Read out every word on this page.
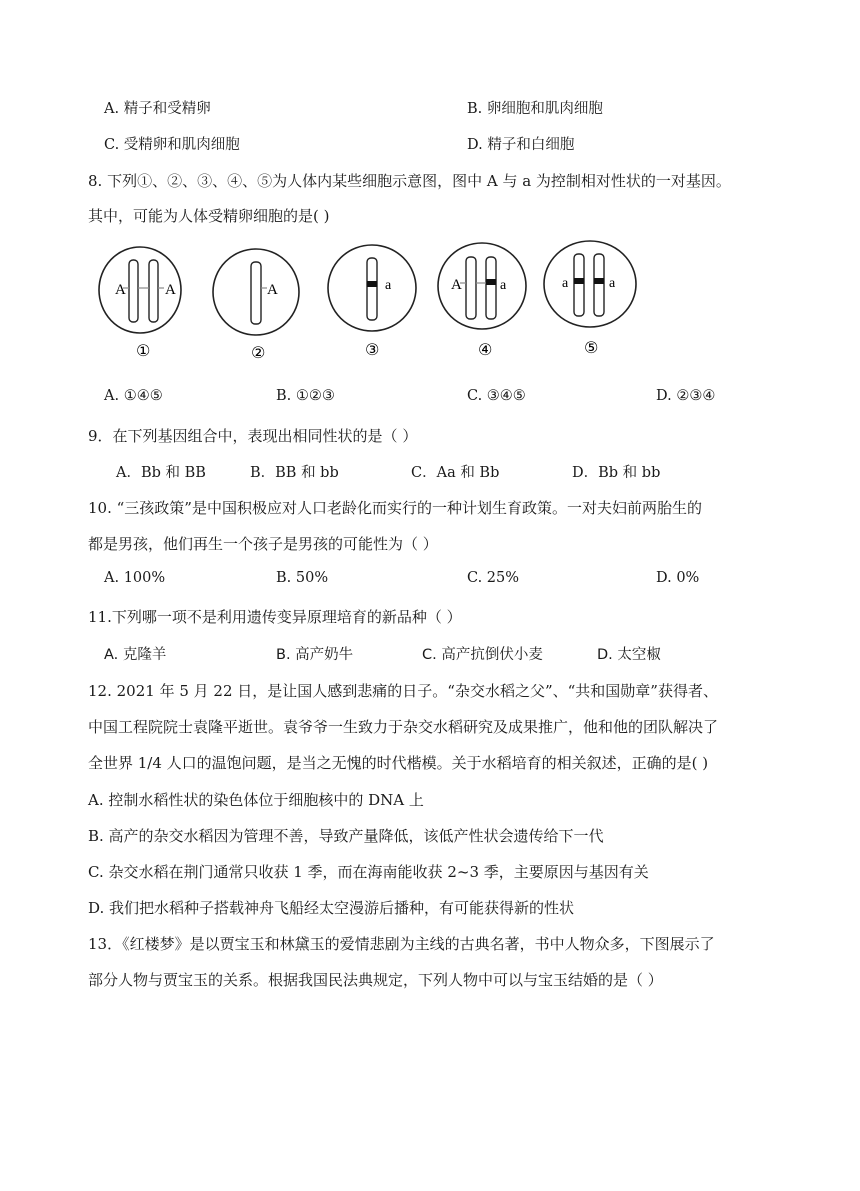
A. 精子和受精卵	B. 卵细胞和肌肉细胞
C. 受精卵和肌肉细胞	D. 精子和白细胞
8. 下列①、②、③、④、⑤为人体内某些细胞示意图，图中 A 与 a 为控制相对性状的一对基因。
其中，可能为人体受精卵细胞的是( )
A	A
①
A
②
a
③
A	a
④
a	a
⑤
A. ①④⑤	B. ①②③	C. ③④⑤	D. ②③④
9．在下列基因组合中，表现出相同性状的是（ ）
A．Bb 和 BB	B．BB 和 bb	C．Aa 和 Bb	D．Bb 和 bb
10. “三孩政策”是中国积极应对人口老龄化而实行的一种计划生育政策。一对夫妇前两胎生的
都是男孩，他们再生一个孩子是男孩的可能性为（ ）
A. 100%	B. 50%	C. 25%	D. 0%
11.下列哪一项不是利用遗传变异原理培育的新品种（ ）
A. 克隆羊	B. 高产奶牛	C. 高产抗倒伏小麦	D. 太空椒
12. 2021 年 5 月 22 日，是让国人感到悲痛的日子。“杂交水稻之父”、“共和国勋章”获得者、
中国工程院院士袁隆平逝世。袁爷爷一生致力于杂交水稻研究及成果推广，他和他的团队解决了
全世界 1/4 人口的温饱问题，是当之无愧的时代楷模。关于水稻培育的相关叙述，正确的是( )
A. 控制水稻性状的染色体位于细胞核中的 DNA 上
B. 高产的杂交水稻因为管理不善，导致产量降低，该低产性状会遗传给下一代
C. 杂交水稻在荆门通常只收获 1 季，而在海南能收获 2~3 季，主要原因与基因有关
D. 我们把水稻种子搭载神舟飞船经太空漫游后播种，有可能获得新的性状
13．《红楼梦》是以贾宝玉和林黛玉的爱情悲剧为主线的古典名著，书中人物众多，下图展示了
部分人物与贾宝玉的关系。根据我国民法典规定，下列人物中可以与宝玉结婚的是（ ）
